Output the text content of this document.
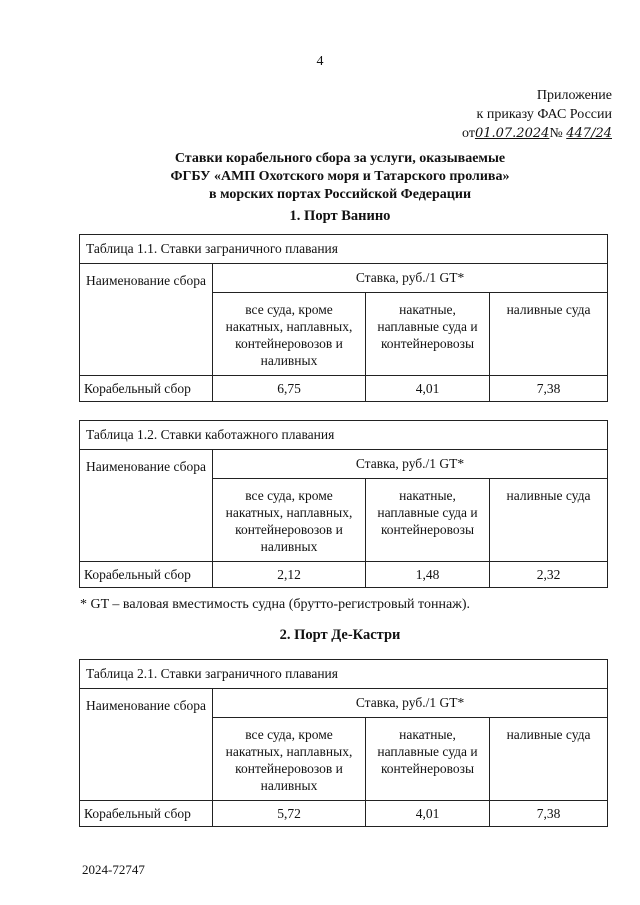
4
Приложение
к приказу ФАС России
от01.07.2024№ 447/24
Ставки корабельного сбора за услуги, оказываемые
ФГБУ «АМП Охотского моря и Татарского пролива»
в морских портах Российской Федерации
1. Порт Ванино
Таблица 1.1. Ставки заграничного плавания			
Наименование сбора	Ставка, руб./1 GT*		
	все суда, кроме накатных, наплавных, контейнеровозов и наливных	накатные, наплавные суда и контейнеровозы	наливные суда
Корабельный сбор	6,75	4,01	7,38
Таблица 1.2. Ставки каботажного плавания			
Наименование сбора	Ставка, руб./1 GT*		
	все суда, кроме накатных, наплавных, контейнеровозов и наливных	накатные, наплавные суда и контейнеровозы	наливные суда
Корабельный сбор	2,12	1,48	2,32
* GT – валовая вместимость судна (брутто-регистровый тоннаж).
2. Порт Де-Кастри
Таблица 2.1. Ставки заграничного плавания			
Наименование сбора	Ставка, руб./1 GT*		
	все суда, кроме накатных, наплавных, контейнеровозов и наливных	накатные, наплавные суда и контейнеровозы	наливные суда
Корабельный сбор	5,72	4,01	7,38
2024-72747
